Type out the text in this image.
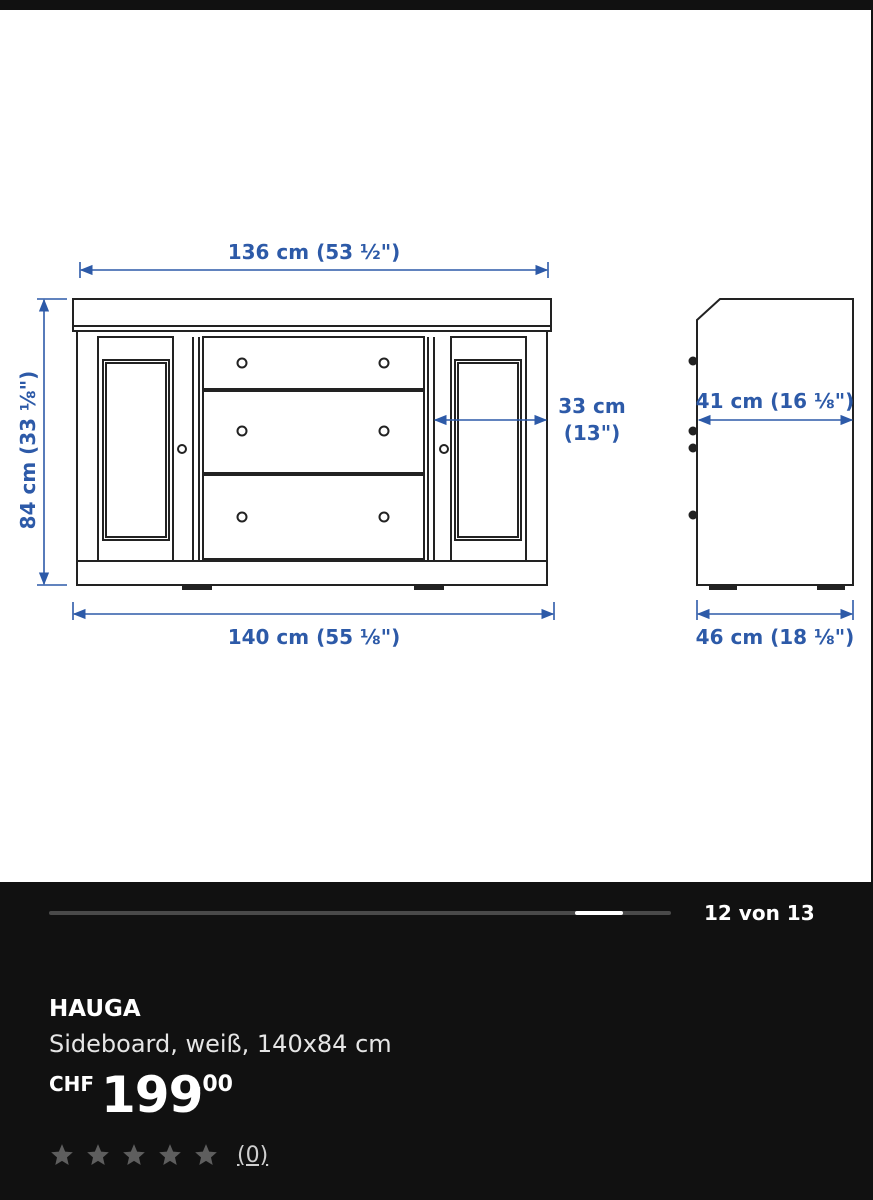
136 cm (53 ½")
140 cm (55 ⅛")
84 cm (33 ⅛")	33 cm
(13")
41 cm (16 ⅛")
46 cm (18 ⅛")
12 von 13
HAUGA
Sideboard, weiß, 140x84 cm
CHF 199
.00
(0)
